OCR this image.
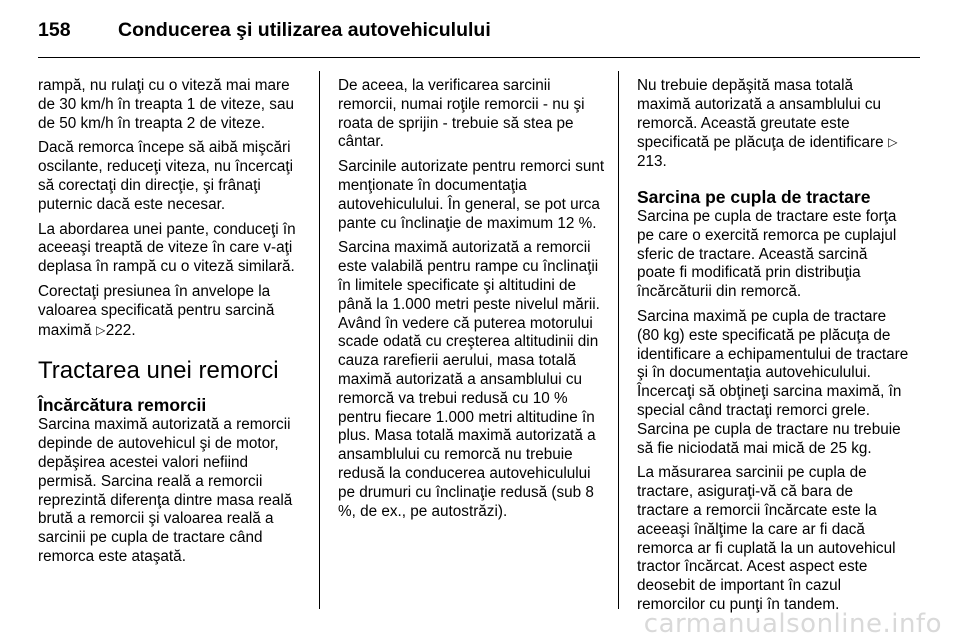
158 Conducerea şi utilizarea autovehiculului

rampă, nu rulaţi cu o viteză mai mare de 30 km/h în treapta 1 de viteze, sau de 50 km/h în treapta 2 de viteze.

Dacă remorca începe să aibă mişcări oscilante, reduceţi viteza, nu încercaţi să corectaţi din direcţie, şi frânaţi puternic dacă este necesar.

La abordarea unei pante, conduceţi în aceeaşi treaptă de viteze în care v-aţi deplasa în rampă cu o viteză similară.

Corectaţi presiunea în anvelope la valoarea specificată pentru sarcină maximă ▷222.

Tractarea unei remorci
Încărcătura remorcii

Sarcina maximă autorizată a remorcii depinde de autovehicul şi de motor, depăşirea acestei valori nefiind permisă. Sarcina reală a remorcii reprezintă diferenţa dintre masa reală brută a remorcii şi valoarea reală a sarcinii pe cupla de tractare când remorca este ataşată.

De aceea, la verificarea sarcinii remorcii, numai roţile remorcii - nu şi roata de sprijin - trebuie să stea pe cântar.

Sarcinile autorizate pentru remorci sunt menţionate în documentaţia autovehiculului. În general, se pot urca pante cu înclinaţie de maximum 12 %.

Sarcina maximă autorizată a remorcii este valabilă pentru rampe cu înclinaţii în limitele specificate şi altitudini de până la 1.000 metri peste nivelul mării. Având în vedere că puterea motorului scade odată cu creşterea altitudinii din cauza rarefierii aerului, masa totală maximă autorizată a ansamblului cu remorcă va trebui redusă cu 10 % pentru fiecare 1.000 metri altitudine în plus. Masa totală maximă autorizată a ansamblului cu remorcă nu trebuie redusă la conducerea autovehiculului pe drumuri cu înclinaţie redusă (sub 8 %, de ex., pe autostrăzi).

Nu trebuie depăşită masa totală maximă autorizată a ansamblului cu remorcă. Această greutate este specificată pe plăcuţa de identificare ▷213.

Sarcina pe cupla de tractare

Sarcina pe cupla de tractare este forţa pe care o exercită remorca pe cuplajul sferic de tractare. Această sarcină poate fi modificată prin distribuţia încărcăturii din remorcă.

Sarcina maximă pe cupla de tractare (80 kg) este specificată pe plăcuţa de identificare a echipamentului de tractare şi în documentaţia autovehiculului. Încercaţi să obţineţi sarcina maximă, în special când tractaţi remorci grele. Sarcina pe cupla de tractare nu trebuie să fie niciodată mai mică de 25 kg.

La măsurarea sarcinii pe cupla de tractare, asiguraţi-vă că bara de tractare a remorcii încărcate este la aceeaşi înălţime la care ar fi dacă remorca ar fi cuplată la un autovehicul tractor încărcat. Acest aspect este deosebit de important în cazul remorcilor cu punţi în tandem.

carmanualsonline.info
